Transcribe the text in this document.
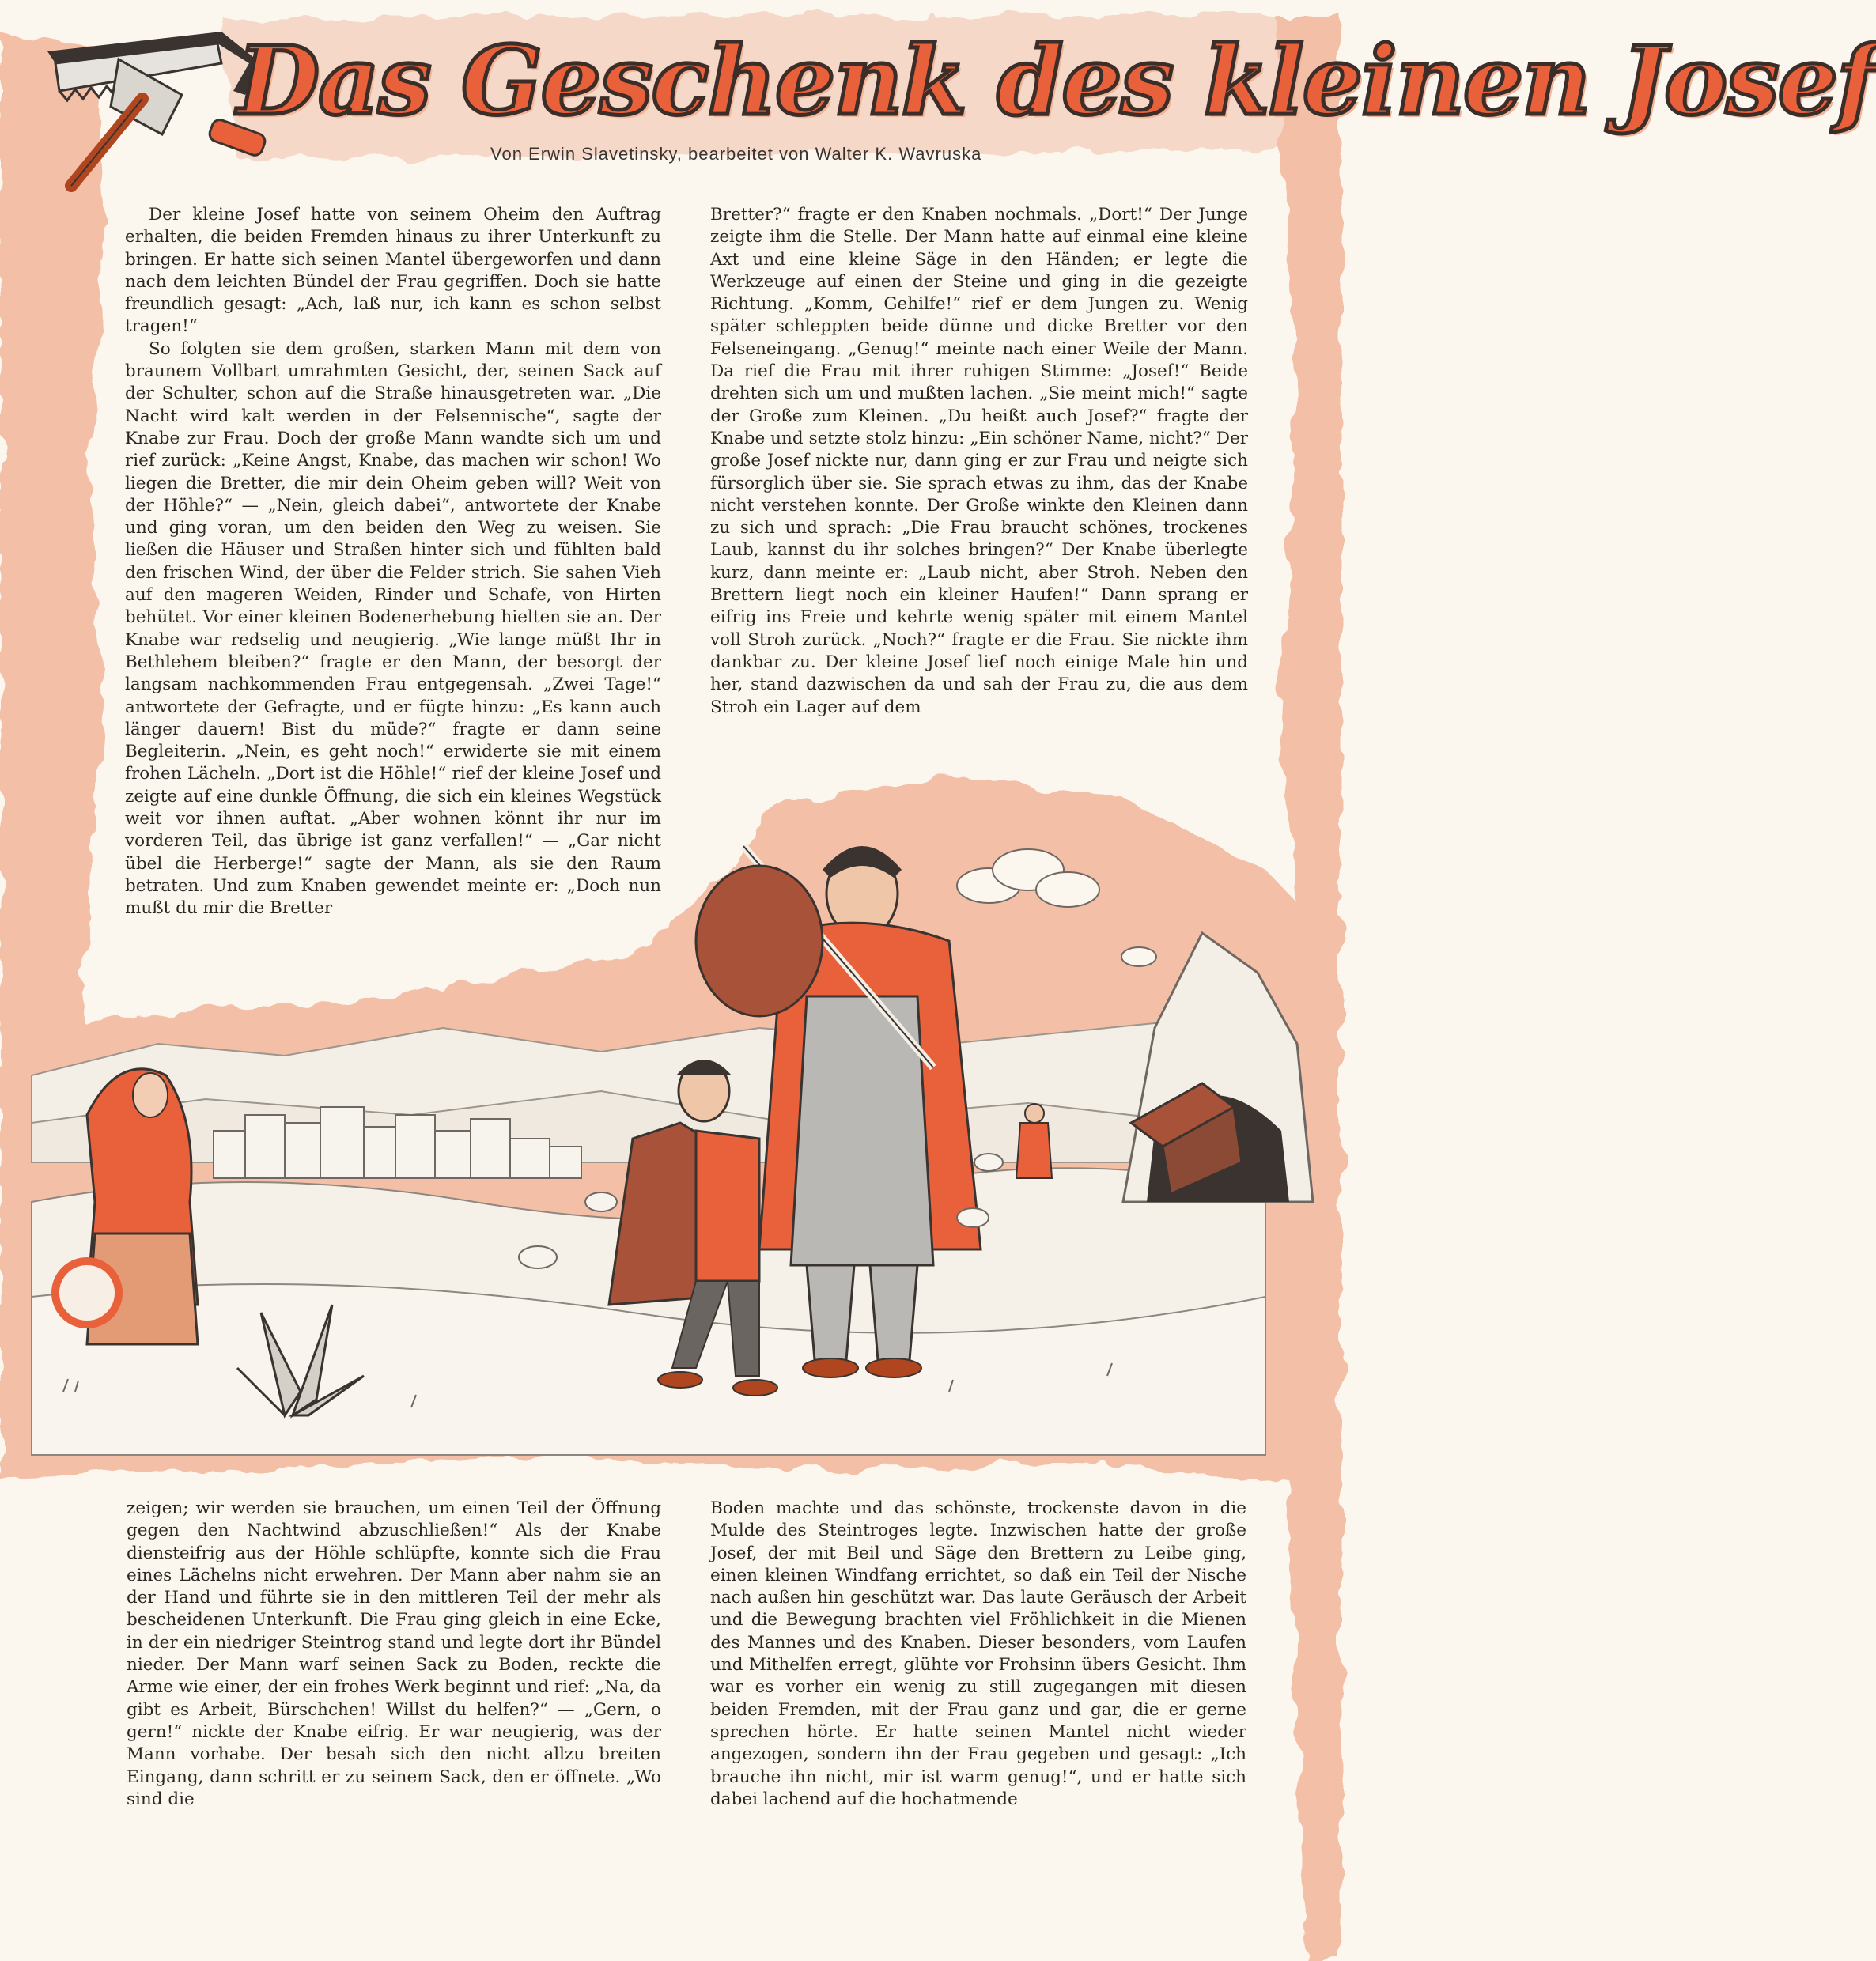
Das Geschenk des kleinen Josef
Von Erwin Slavetinsky, bearbeitet von Walter K. Wavruska

Der kleine Josef hatte von seinem Oheim den Auftrag erhalten, die beiden Fremden hinaus zu ihrer Unterkunft zu bringen. Er hatte sich seinen Mantel übergeworfen und dann nach dem leichten Bündel der Frau gegriffen. Doch sie hatte freundlich gesagt: „Ach, laß nur, ich kann es schon selbst tragen!“

So folgten sie dem großen, starken Mann mit dem von braunem Vollbart umrahmten Gesicht, der, seinen Sack auf der Schulter, schon auf die Straße hinausgetreten war. „Die Nacht wird kalt werden in der Felsennische“, sagte der Knabe zur Frau. Doch der große Mann wandte sich um und rief zurück: „Keine Angst, Knabe, das machen wir schon! Wo liegen die Bretter, die mir dein Oheim geben will? Weit von der Höhle?“ — „Nein, gleich dabei“, antwortete der Knabe und ging voran, um den beiden den Weg zu weisen. Sie ließen die Häuser und Straßen hinter sich und fühlten bald den frischen Wind, der über die Felder strich. Sie sahen Vieh auf den mageren Weiden, Rinder und Schafe, von Hirten behütet. Vor einer kleinen Bodenerhebung hielten sie an. Der Knabe war redselig und neugierig. „Wie lange müßt Ihr in Bethlehem bleiben?“ fragte er den Mann, der besorgt der langsam nachkommenden Frau entgegensah. „Zwei Tage!“ antwortete der Gefragte, und er fügte hinzu: „Es kann auch länger dauern! Bist du müde?“ fragte er dann seine Begleiterin. „Nein, es geht noch!“ erwiderte sie mit einem frohen Lächeln. „Dort ist die Höhle!“ rief der kleine Josef und zeigte auf eine dunkle Öffnung, die sich ein kleines Wegstück weit vor ihnen auftat. „Aber wohnen könnt ihr nur im vorderen Teil, das übrige ist ganz verfallen!“ — „Gar nicht übel die Herberge!“ sagte der Mann, als sie den Raum betraten. Und zum Knaben gewendet meinte er: „Doch nun mußt du mir die Bretter

Bretter?“ fragte er den Knaben nochmals. „Dort!“ Der Junge zeigte ihm die Stelle. Der Mann hatte auf einmal eine kleine Axt und eine kleine Säge in den Händen; er legte die Werkzeuge auf einen der Steine und ging in die gezeigte Richtung. „Komm, Gehilfe!“ rief er dem Jungen zu. Wenig später schleppten beide dünne und dicke Bretter vor den Felseneingang. „Genug!“ meinte nach einer Weile der Mann. Da rief die Frau mit ihrer ruhigen Stimme: „Josef!“ Beide drehten sich um und mußten lachen. „Sie meint mich!“ sagte der Große zum Kleinen. „Du heißt auch Josef?“ fragte der Knabe und setzte stolz hinzu: „Ein schöner Name, nicht?“ Der große Josef nickte nur, dann ging er zur Frau und neigte sich fürsorglich über sie. Sie sprach etwas zu ihm, das der Knabe nicht verstehen konnte. Der Große winkte den Kleinen dann zu sich und sprach: „Die Frau braucht schönes, trockenes Laub, kannst du ihr solches bringen?“ Der Knabe überlegte kurz, dann meinte er: „Laub nicht, aber Stroh. Neben den Brettern liegt noch ein kleiner Haufen!“ Dann sprang er eifrig ins Freie und kehrte wenig später mit einem Mantel voll Stroh zurück. „Noch?“ fragte er die Frau. Sie nickte ihm dankbar zu. Der kleine Josef lief noch einige Male hin und her, stand dazwischen da und sah der Frau zu, die aus dem Stroh ein Lager auf dem

zeigen; wir werden sie brauchen, um einen Teil der Öffnung gegen den Nachtwind abzuschließen!“ Als der Knabe diensteifrig aus der Höhle schlüpfte, konnte sich die Frau eines Lächelns nicht erwehren. Der Mann aber nahm sie an der Hand und führte sie in den mittleren Teil der mehr als bescheidenen Unterkunft. Die Frau ging gleich in eine Ecke, in der ein niedriger Steintrog stand und legte dort ihr Bündel nieder. Der Mann warf seinen Sack zu Boden, reckte die Arme wie einer, der ein frohes Werk beginnt und rief: „Na, da gibt es Arbeit, Bürschchen! Willst du helfen?“ — „Gern, o gern!“ nickte der Knabe eifrig. Er war neugierig, was der Mann vorhabe. Der besah sich den nicht allzu breiten Eingang, dann schritt er zu seinem Sack, den er öffnete. „Wo sind die

Boden machte und das schönste, trockenste davon in die Mulde des Steintroges legte. Inzwischen hatte der große Josef, der mit Beil und Säge den Brettern zu Leibe ging, einen kleinen Windfang errichtet, so daß ein Teil der Nische nach außen hin geschützt war. Das laute Geräusch der Arbeit und die Bewegung brachten viel Fröhlichkeit in die Mienen des Mannes und des Knaben. Dieser besonders, vom Laufen und Mithelfen erregt, glühte vor Frohsinn übers Gesicht. Ihm war es vorher ein wenig zu still zugegangen mit diesen beiden Fremden, mit der Frau ganz und gar, die er gerne sprechen hörte. Er hatte seinen Mantel nicht wieder angezogen, sondern ihn der Frau gegeben und gesagt: „Ich brauche ihn nicht, mir ist warm genug!“, und er hatte sich dabei lachend auf die hochatmende
